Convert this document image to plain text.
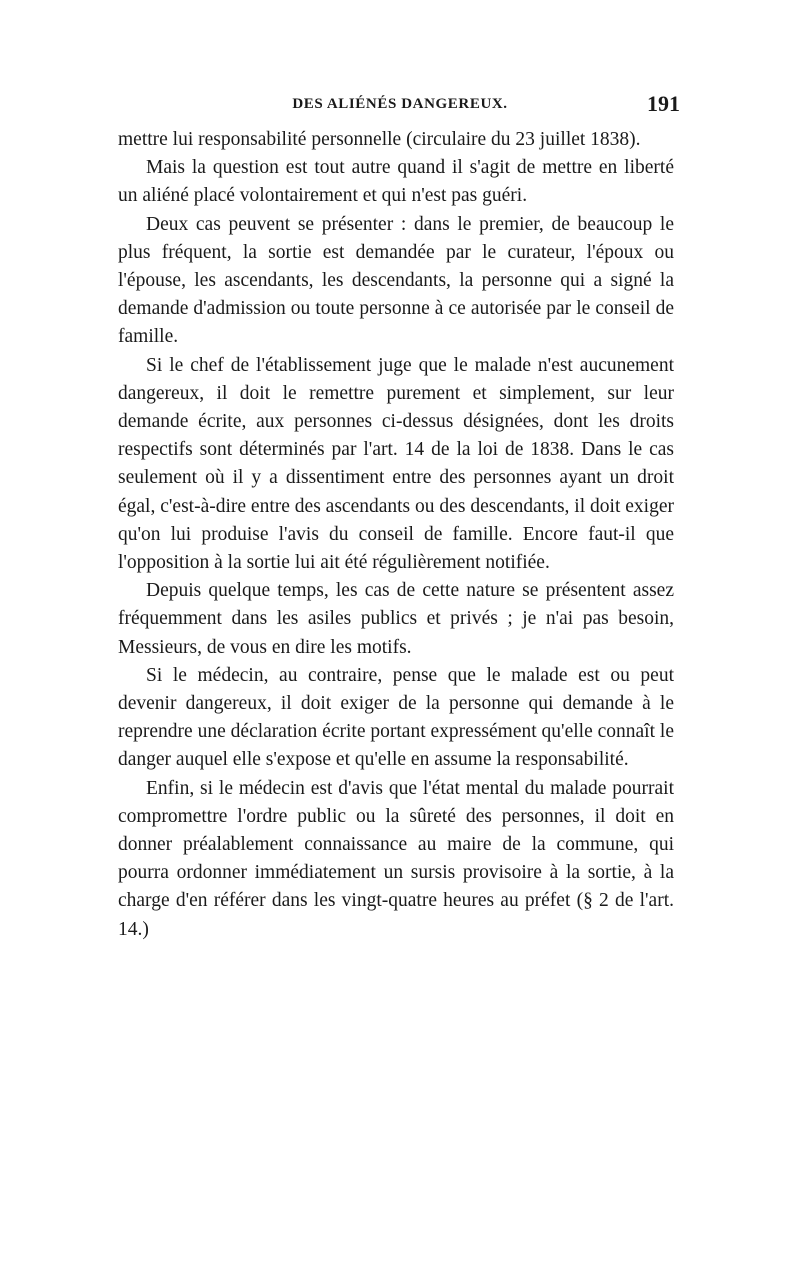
DES ALIÉNÉS DANGEREUX.	191

mettre lui responsabilité personnelle (circulaire du 23 juillet 1838).

Mais la question est tout autre quand il s'agit de mettre en liberté un aliéné placé volontairement et qui n'est pas guéri.

Deux cas peuvent se présenter : dans le premier, de beaucoup le plus fréquent, la sortie est demandée par le curateur, l'époux ou l'épouse, les ascendants, les descendants, la personne qui a signé la demande d'admission ou toute personne à ce autorisée par le conseil de famille.

Si le chef de l'établissement juge que le malade n'est aucunement dangereux, il doit le remettre purement et simplement, sur leur demande écrite, aux personnes ci-dessus désignées, dont les droits respectifs sont déterminés par l'art. 14 de la loi de 1838. Dans le cas seulement où il y a dissentiment entre des personnes ayant un droit égal, c'est-à-dire entre des ascendants ou des descendants, il doit exiger qu'on lui produise l'avis du conseil de famille. Encore faut-il que l'opposition à la sortie lui ait été régulièrement notifiée.

Depuis quelque temps, les cas de cette nature se présentent assez fréquemment dans les asiles publics et privés ; je n'ai pas besoin, Messieurs, de vous en dire les motifs.

Si le médecin, au contraire, pense que le malade est ou peut devenir dangereux, il doit exiger de la personne qui demande à le reprendre une déclaration écrite portant expressément qu'elle connaît le danger auquel elle s'expose et qu'elle en assume la responsabilité.

Enfin, si le médecin est d'avis que l'état mental du malade pourrait compromettre l'ordre public ou la sûreté des personnes, il doit en donner préalablement connaissance au maire de la commune, qui pourra ordonner immédiatement un sursis provisoire à la sortie, à la charge d'en référer dans les vingt-quatre heures au préfet (§ 2 de l'art. 14.)
